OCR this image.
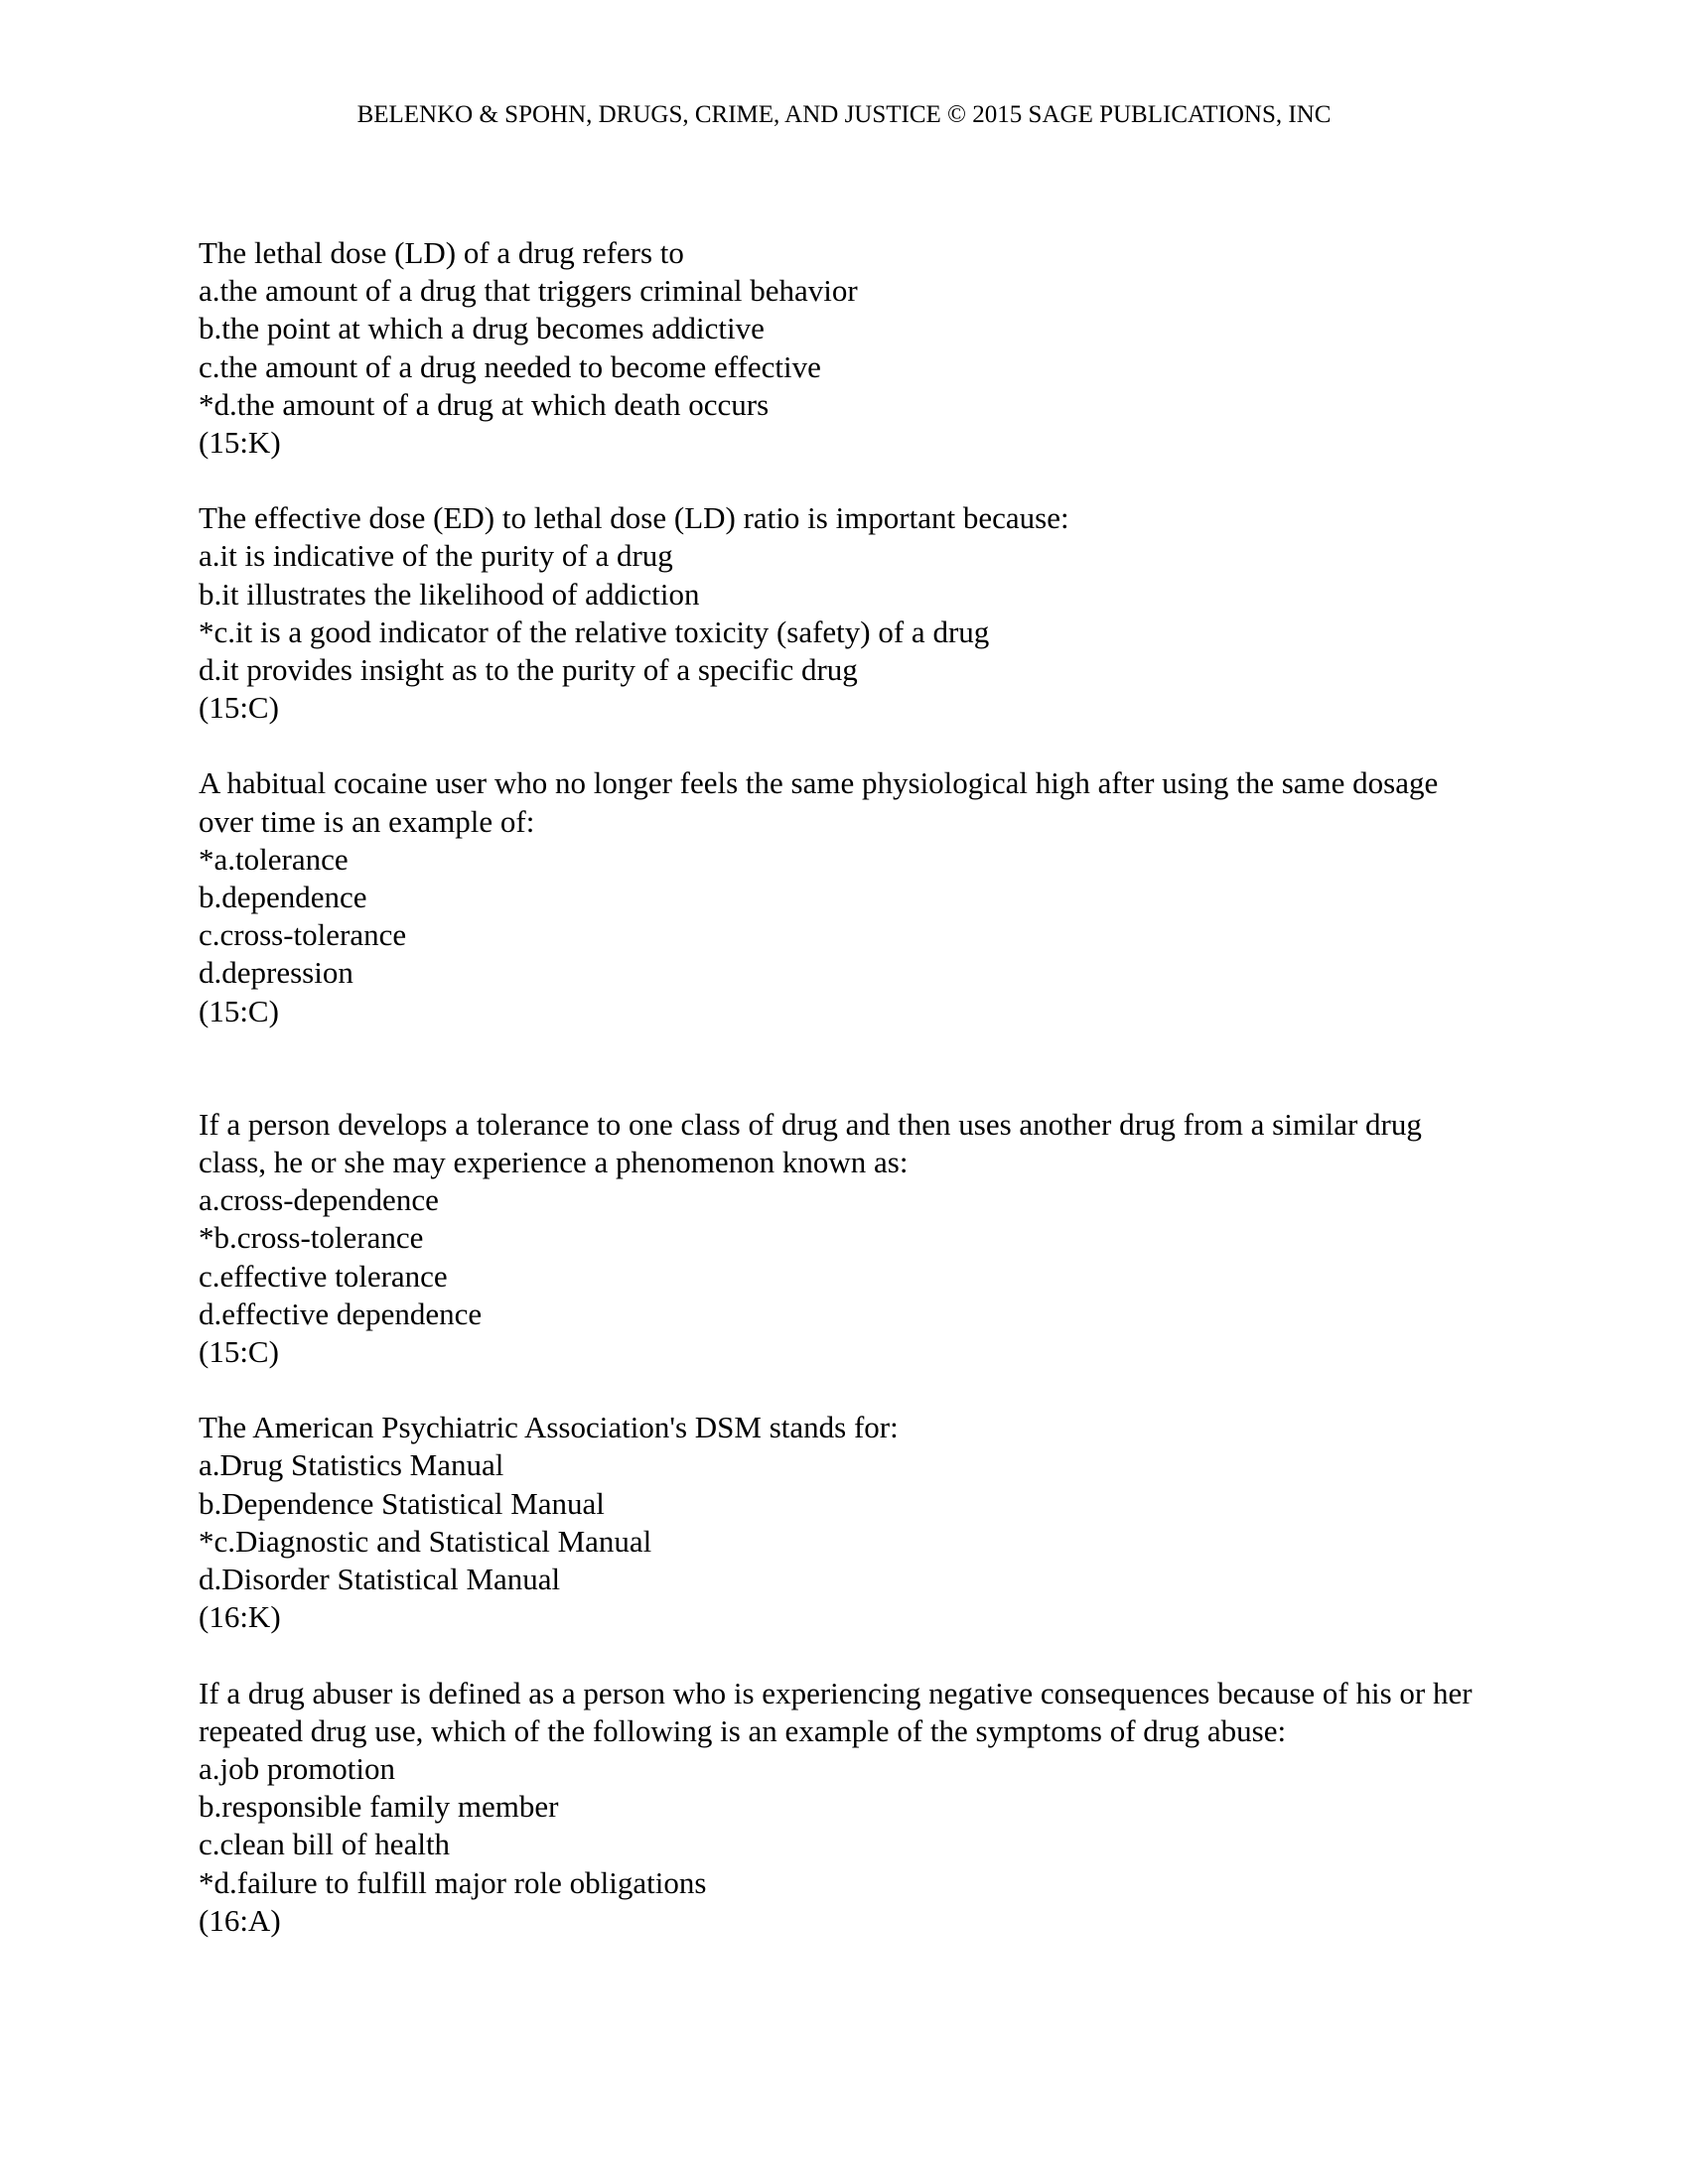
BELENKO & SPOHN, DRUGS, CRIME, AND JUSTICE © 2015 SAGE PUBLICATIONS, INC
The lethal dose (LD) of a drug refers to
a.the amount of a drug that triggers criminal behavior
b.the point at which a drug becomes addictive
c.the amount of a drug needed to become effective
*d.the amount of a drug at which death occurs
(15:K)
The effective dose (ED) to lethal dose (LD) ratio is important because:
a.it is indicative of the purity of a drug
b.it illustrates the likelihood of addiction
*c.it is a good indicator of the relative toxicity (safety) of a drug
d.it provides insight as to the purity of a specific drug
(15:C)
A habitual cocaine user who no longer feels the same physiological high after using the same dosage over time is an example of:
*a.tolerance
b.dependence
c.cross-tolerance
d.depression
(15:C)
If a person develops a tolerance to one class of drug and then uses another drug from a similar drug class, he or she may experience a phenomenon known as:
a.cross-dependence
*b.cross-tolerance
c.effective tolerance
d.effective dependence
(15:C)
The American Psychiatric Association's DSM stands for:
a.Drug Statistics Manual
b.Dependence Statistical Manual
*c.Diagnostic and Statistical Manual
d.Disorder Statistical Manual
(16:K)
If a drug abuser is defined as a person who is experiencing negative consequences because of his or her repeated drug use, which of the following is an example of the symptoms of drug abuse:
a.job promotion
b.responsible family member
c.clean bill of health
*d.failure to fulfill major role obligations
(16:A)
